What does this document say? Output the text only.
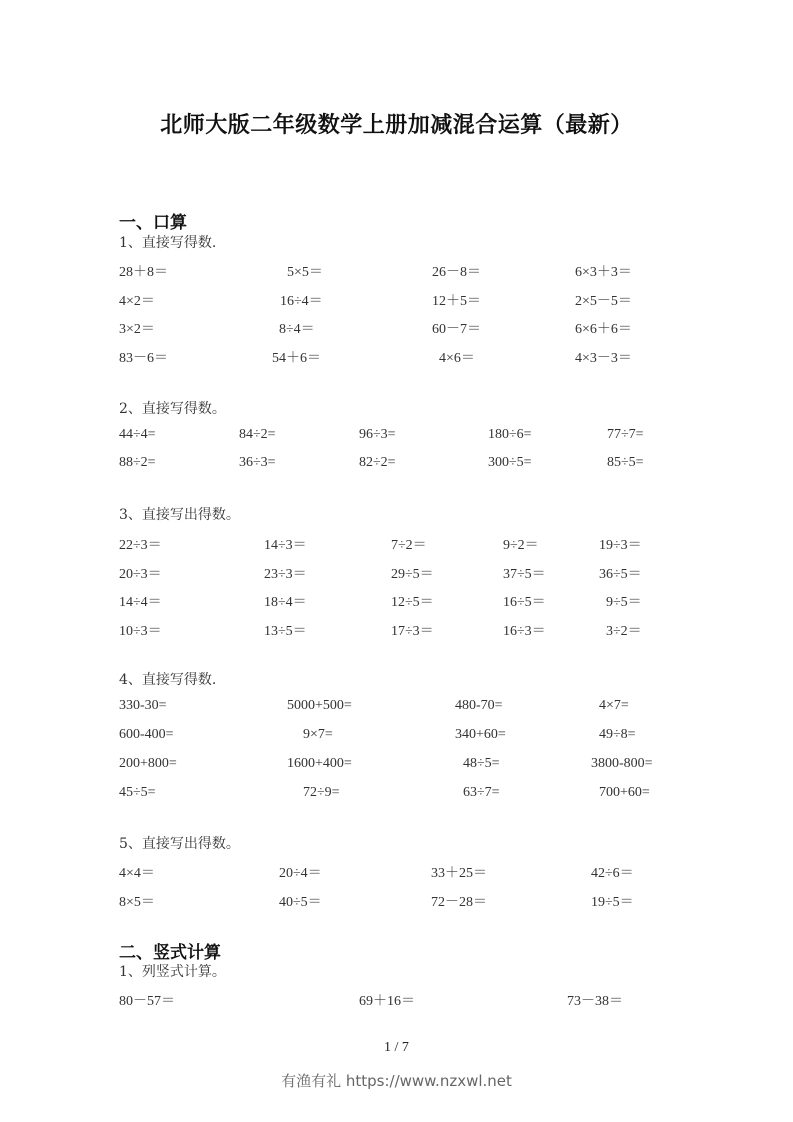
北师大版二年级数学上册加减混合运算（最新）
一、口算
1、直接写得数.
28＋8＝	5×5＝	26－8＝	6×3＋3＝
4×2＝	16÷4＝	12＋5＝	2×5－5＝
3×2＝	8÷4＝	60－7＝	6×6＋6＝
83－6＝	54＋6＝	4×6＝	4×3－3＝
2、直接写得数。
44÷4=	84÷2=	96÷3=	180÷6=	77÷7=
88÷2=	36÷3=	82÷2=	300÷5=	85÷5=
3、直接写出得数。
22÷3＝	14÷3＝	7÷2＝	9÷2＝	19÷3＝
20÷3＝	23÷3＝	29÷5＝	37÷5＝	36÷5＝
14÷4＝	18÷4＝	12÷5＝	16÷5＝	9÷5＝
10÷3＝	13÷5＝	17÷3＝	16÷3＝	3÷2＝
4、直接写得数.
330-30=	5000+500=	480-70=	4×7=
600-400=	9×7=	340+60=	49÷8=
200+800=	1600+400=	48÷5=	3800-800=
45÷5=	72÷9=	63÷7=	700+60=
5、直接写出得数。
4×4＝	20÷4＝	33＋25＝	42÷6＝
8×5＝	40÷5＝	72－28＝	19÷5＝
二、竖式计算
1、列竖式计算。
80－57＝	69＋16＝	73－38＝
1 / 7
有渔有礼 https://www.nzxwl.net
